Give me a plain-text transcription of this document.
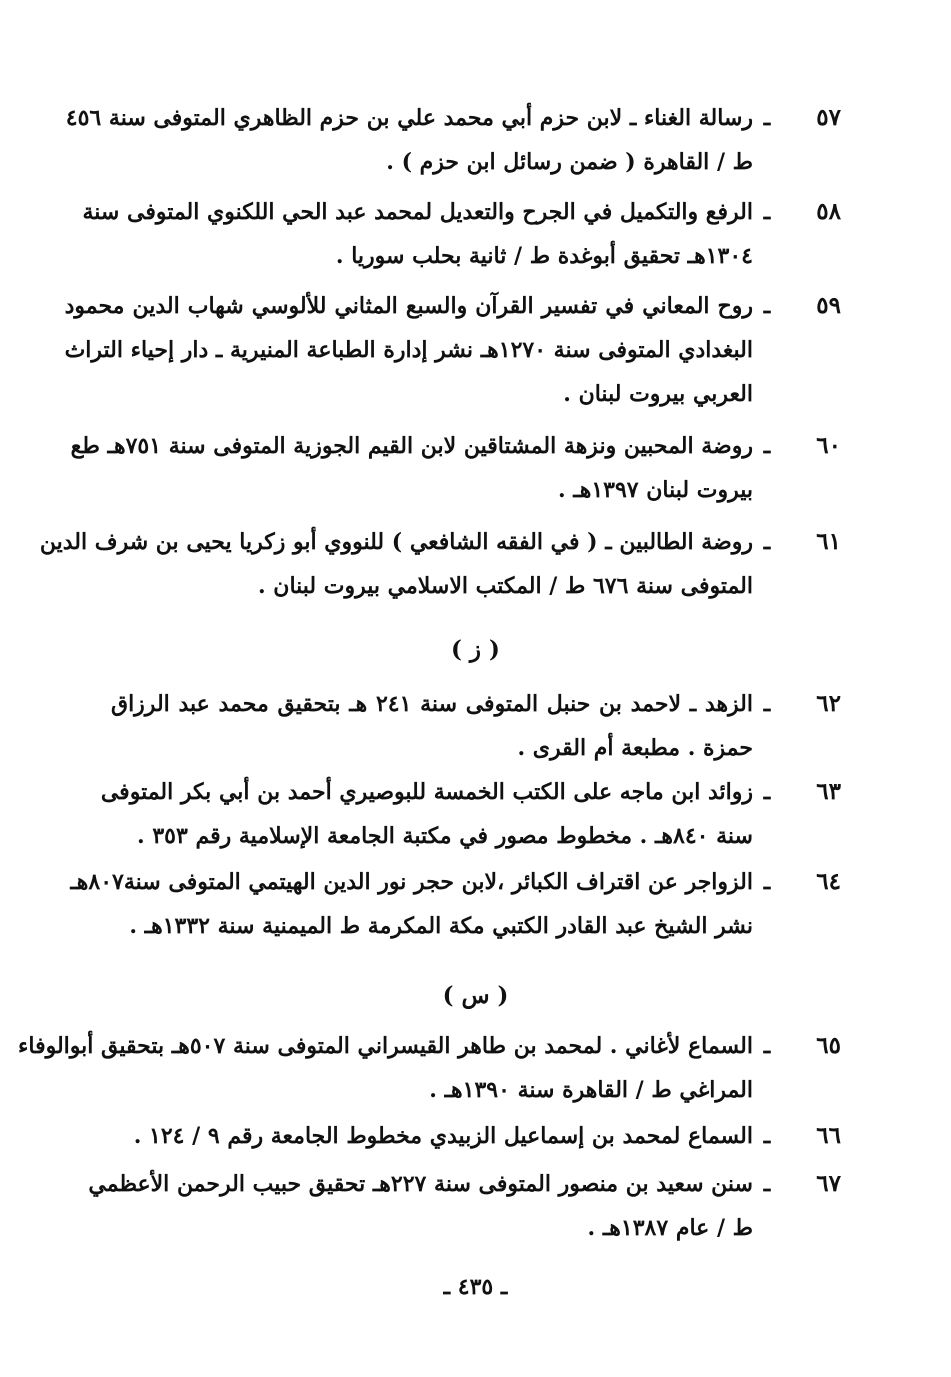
٥٧
ـ
رسالة الغناء ـ لابن حزم أبي محمد علي بن حزم الظاهري المتوفى سنة ٤٥٦
ط / القاهرة ( ضمن رسائل ابن حزم ) .
٥٨
ـ
الرفع والتكميل في الجرح والتعديل لمحمد عبد الحي اللكنوي المتوفى سنة
١٣٠٤هـ تحقيق أبوغدة ط / ثانية بحلب سوريا .
٥٩
ـ
روح المعاني في تفسير القرآن والسبع المثاني للألوسي شهاب الدين محمود
البغدادي المتوفى سنة ١٢٧٠هـ نشر إدارة الطباعة المنيرية ـ دار إحياء التراث
العربي بيروت لبنان .
٦٠
ـ
روضة المحبين ونزهة المشتاقين لابن القيم الجوزية المتوفى سنة ٧٥١هـ طع
بيروت لبنان ١٣٩٧هـ .
٦١
ـ
روضة الطالبين ـ ( في الفقه الشافعي ) للنووي أبو زكريا يحيى بن شرف الدين
المتوفى سنة ٦٧٦ ط / المكتب الاسلامي بيروت لبنان .
( ز )
٦٢
ـ
الزهد ـ لاحمد بن حنبل المتوفى سنة ٢٤١ هـ بتحقيق محمد عبد الرزاق
حمزة . مطبعة أم القرى .
٦٣
ـ
زوائد ابن ماجه على الكتب الخمسة للبوصيري أحمد بن أبي بكر المتوفى
سنة ٨٤٠هـ . مخطوط مصور في مكتبة الجامعة الإسلامية رقم ٣٥٣ .
٦٤
ـ
الزواجر عن اقتراف الكبائر ،لابن حجر نور الدين الهيتمي المتوفى سنة٨٠٧هـ
نشر الشيخ عبد القادر الكتبي مكة المكرمة ط الميمنية سنة ١٣٣٢هـ .
( س )
٦٥
ـ
السماع لأغاني . لمحمد بن طاهر القيسراني المتوفى سنة ٥٠٧هـ بتحقيق أبوالوفاء
المراغي ط / القاهرة سنة ١٣٩٠هـ .
٦٦
ـ
السماع لمحمد بن إسماعيل الزبيدي مخطوط الجامعة رقم ٩ / ١٢٤ .
٦٧
ـ
سنن سعيد بن منصور المتوفى سنة ٢٢٧هـ تحقيق حبيب الرحمن الأعظمي
ط / عام ١٣٨٧هـ .
ـ ٤٣٥ ـ
